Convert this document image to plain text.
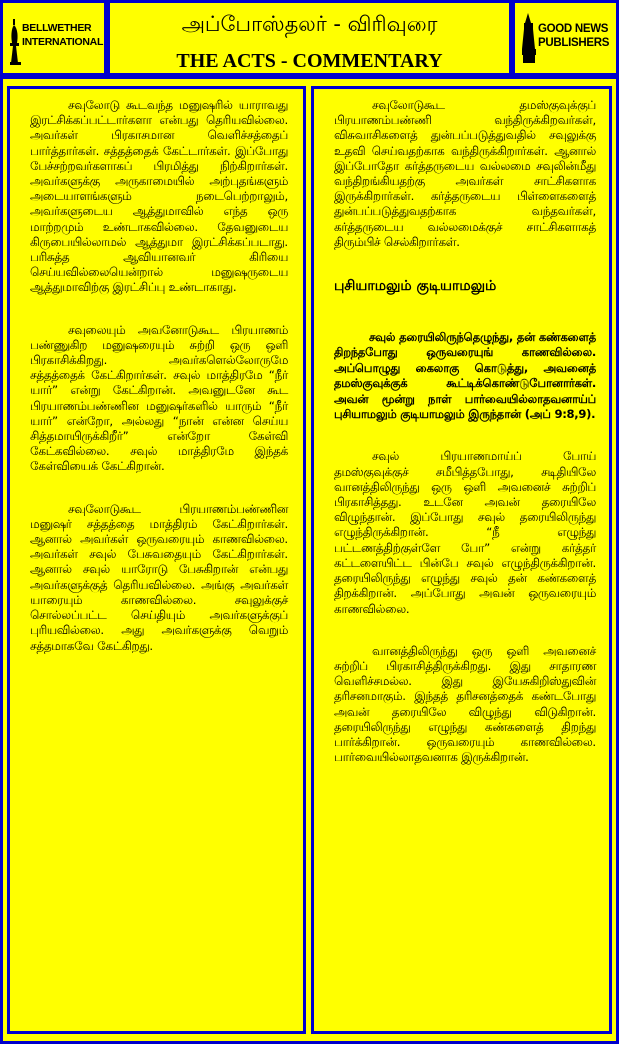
BELLWETHER
INTERNATIONAL
அப்போஸ்தலர் - விரிவுரை
THE ACTS - COMMENTARY
GOOD NEWS
PUBLISHERS

சவுலோடு கூடவந்த மனுஷரில் யாராவது இரட்சிக்கப்பட்டார்களா என்பது தெரியவில்லை. அவர்கள் பிரகாசமான வெளிச்சத்தைப் பார்த்தார்கள். சத்தத்தைக் கேட்டார்கள். இப்போது பேச்சற்றவர்களாகப் பிரமித்து நிற்கிறார்கள். அவர்களுக்கு அருகாமையில் அற்புதங்களும் அடையாளங்களும் நடைபெற்றாலும், அவர்களுடைய ஆத்துமாவில் எந்த ஒரு மாற்றமும் உண்டாகவில்லை. தேவனுடைய கிருபையில்லாமல் ஆத்துமா இரட்சிக்கப்படாது. பரிசுத்த ஆவியானவர் கிரியை செய்யவில்லையென்றால் மனுஷருடைய ஆத்துமாவிற்கு இரட்சிப்பு உண்டாகாது.

சவுலையும் அவனோடுகூட பிரயாணம் பண்ணுகிற மனுஷரையும் சுற்றி ஒரு ஒளி பிரகாசிக்கிறது. அவர்களெல்லோருமே சத்தத்தைக் கேட்கிறார்கள். சவுல் மாத்திரமே “நீர் யார்” என்று கேட்கிறான். அவனுடனே கூட பிரயாணம்பண்ணின மனுஷர்களில் யாரும் “நீர் யார்” என்றோ, அல்லது “நான் என்ன செய்ய சித்தமாயிருக்கிறீர்” என்றோ கேள்வி கேட்கவில்லை. சவுல் மாத்திரமே இந்தக் கேள்வியைக் கேட்கிறான்.

சவுலோடுகூட பிரயாணம்பண்ணின மனுஷர் சத்தத்தை மாத்திரம் கேட்கிறார்கள். ஆனால் அவர்கள் ஒருவரையும் காணவில்லை. அவர்கள் சவுல் பேசுவதையும் கேட்கிறார்கள். ஆனால் சவுல் யாரோடு பேசுகிறான் என்பது அவர்களுக்குத் தெரியவில்லை. அங்கு அவர்கள் யாரையும் காணவில்லை. சவுலுக்குச் சொல்லப்பட்ட செய்தியும் அவர்களுக்குப் புரியவில்லை. அது அவர்களுக்கு வெறும் சத்தமாகவே கேட்கிறது.

சவுலோடுகூட தமஸ்குவுக்குப் பிரயாணம்பண்ணி வந்திருக்கிறவர்கள், விசுவாசிகளைத் துன்பப்படுத்துவதில் சவுலுக்கு உதவி செய்வதற்காக வந்திருக்கிறார்கள். ஆனால் இப்போதோ கர்த்தருடைய வல்லமை சவுலின்மீது வந்திறங்கியதற்கு அவர்கள் சாட்சிகளாக இருக்கிறார்கள். கர்த்தருடைய பிள்ளைகளைத் துன்பப்படுத்துவதற்காக வந்தவர்கள், கர்த்தருடைய வல்லமைக்குச் சாட்சிகளாகத் திரும்பிச் செல்கிறார்கள்.

புசியாமலும் குடியாமலும்

சவுல் தரையிலிருந்தெழுந்து, தன் கண்களைத் திறந்தபோது ஒருவரையுங் காணவில்லை. அப்பொழுது கைலாகு கொடுத்து, அவனைத் தமஸ்குவுக்குக் கூட்டிக்கொண்டுபோனார்கள். அவன் மூன்று நாள் பார்வையில்லாதவனாய்ப் புசியாமலும் குடியாமலும் இருந்தான் (அப் 9:8,9).

சவுல் பிரயாணமாய்ப் போய் தமஸ்குவுக்குச் சமீபித்தபோது, சடிதியிலே வானத்திலிருந்து ஒரு ஒளி அவனைச் சுற்றிப் பிரகாசித்தது. உடனே அவன் தரையிலே விழுந்தான். இப்போது சவுல் தரையிலிருந்து எழுந்திருக்கிறான். “நீ எழுந்து பட்டணத்திற்குள்ளே போ” என்று கர்த்தர் கட்டளையிட்ட பின்பே சவுல் எழுந்திருக்கிறான். தரையிலிருந்து எழுந்து சவுல் தன் கண்களைத் திறக்கிறான். அப்போது அவன் ஒருவரையும் காணவில்லை.

வானத்திலிருந்து ஒரு ஒளி அவனைச் சுற்றிப் பிரகாசித்திருக்கிறது. இது சாதாரண வெளிச்சமல்ல. இது இயேசுகிறிஸ்துவின் தரிசனமாகும். இந்தத் தரிசனத்தைக் கண்டபோது அவன் தரையிலே விழுந்து விடுகிறான். தரையிலிருந்து எழுந்து கண்களைத் திறந்து பார்க்கிறான். ஒருவரையும் காணவில்லை. பார்வையில்லாதவனாக இருக்கிறான்.
